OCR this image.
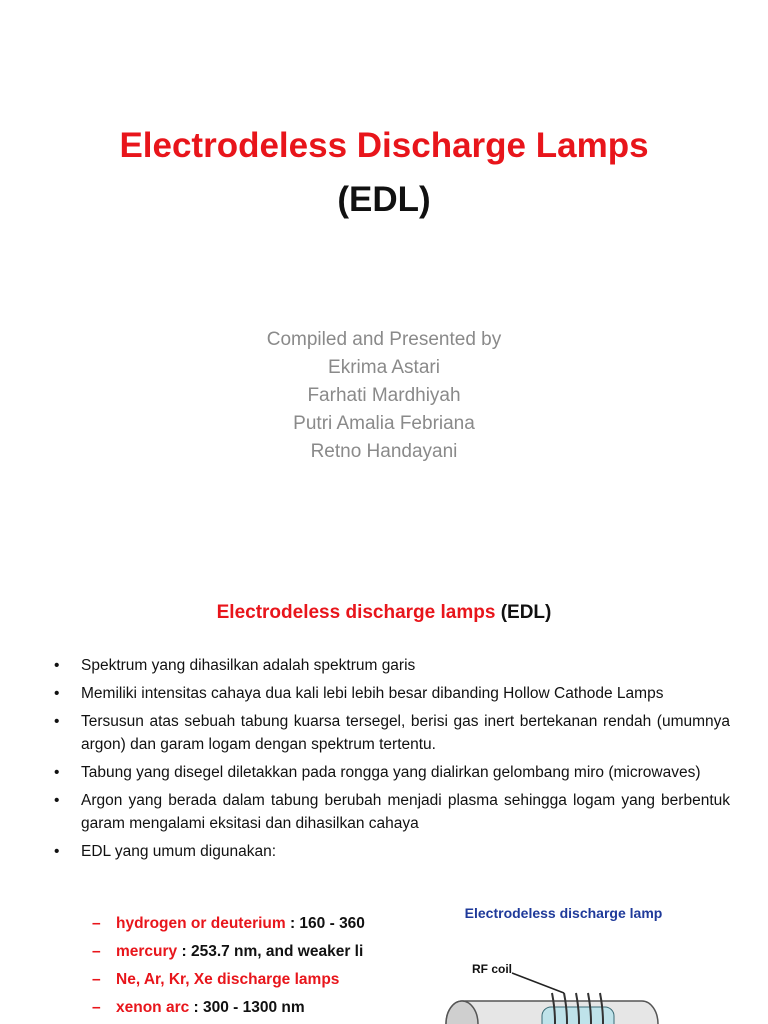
Electrodeless Discharge Lamps
(EDL)
Compiled and Presented by
Ekrima Astari
Farhati Mardhiyah
Putri Amalia Febriana
Retno Handayani
Electrodeless discharge lamps (EDL)
• Spektrum yang dihasilkan adalah spektrum garis
• Memiliki intensitas cahaya dua kali lebi lebih besar dibanding Hollow Cathode Lamps
• Tersusun atas sebuah tabung kuarsa tersegel, berisi gas inert bertekanan rendah (umumnya argon) dan garam logam dengan spektrum tertentu.
• Tabung yang disegel diletakkan pada rongga yang dialirkan gelombang miro (microwaves)
• Argon yang berada dalam tabung berubah menjadi plasma sehingga logam yang berbentuk garam mengalami eksitasi dan dihasilkan cahaya
• EDL yang umum digunakan:
– hydrogen or deuterium : 160 - 360
– mercury : 253.7 nm, and weaker li
– Ne, Ar, Kr, Xe discharge lamps
– xenon arc : 300 - 1300 nm
Electrodeless discharge lamp
RF coil
